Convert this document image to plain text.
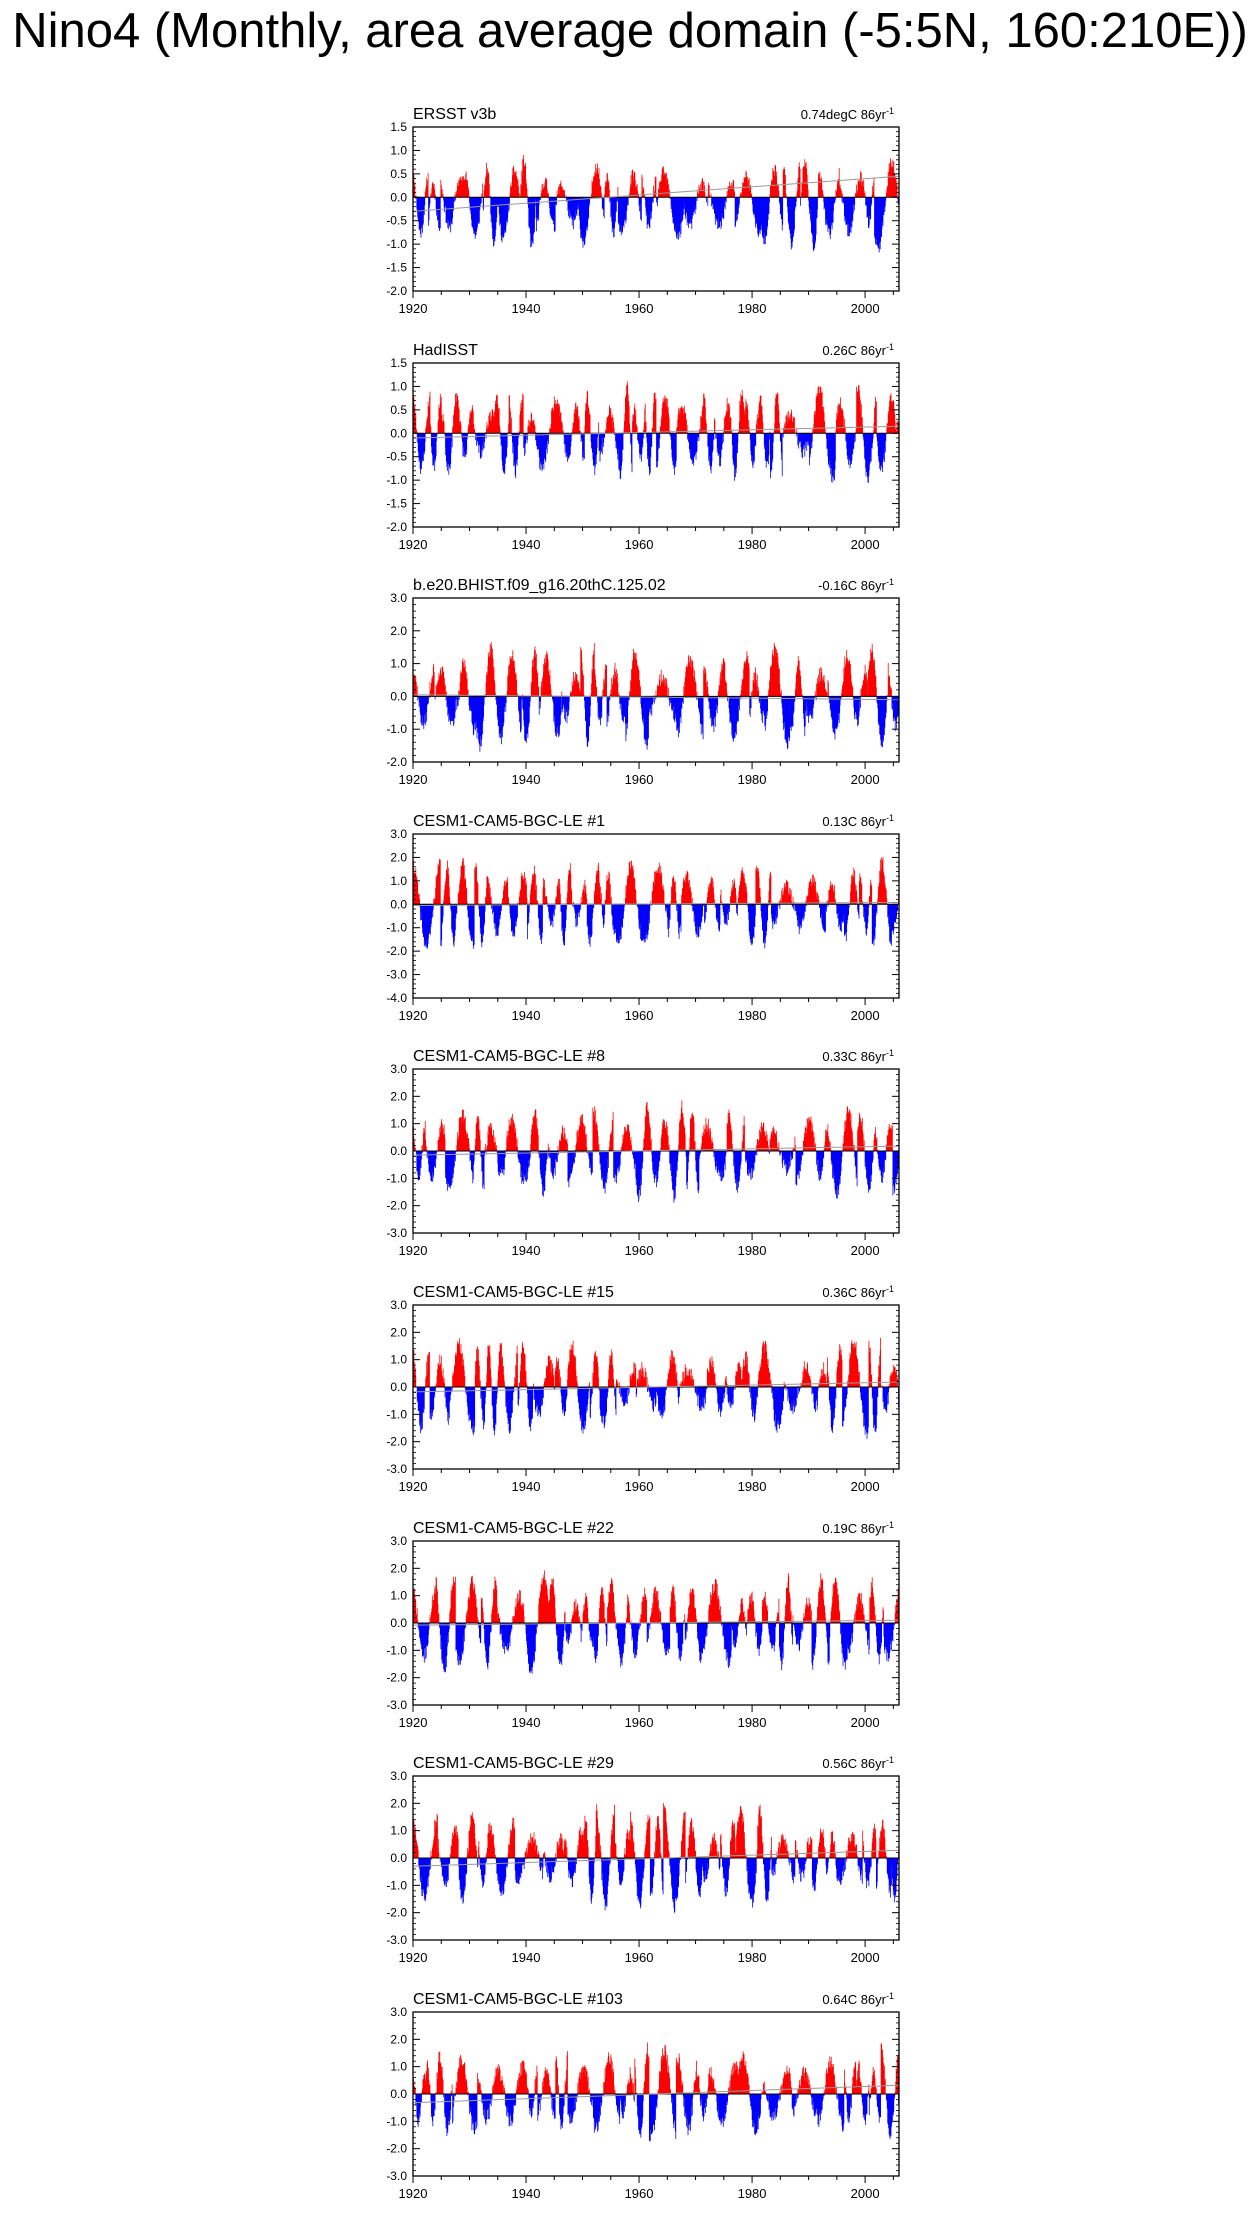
Nino4 (Monthly, area average domain (-5:5N, 160:210E))
ERSST v3b	0.74degC $86yr^{-1}$
1.5
1.0
0.5
0.0
-0.5
-1.0
-1.5
-2.0
1920	1940	1960	1980	2000
HadISST	0.26C $86yr^{-1}$
1.5
1.0
0.5
0.0
-0.5
-1.0
-1.5
-2.0
1920	1940	1960	1980	2000
b.e20.BHIST.f09_g16.20thC.125.02	-0.16C $86yr^{-1}$
3.0
2.0
1.0
0.0
-1.0
-2.0
1920	1940	1960	1980	2000
CESM1-CAM5-BGC-LE #1	0.13C $86yr^{-1}$
3.0
2.0
1.0
0.0
-1.0
-2.0
-3.0
-4.0
1920	1940	1960	1980	2000
CESM1-CAM5-BGC-LE #8	0.33C $86yr^{-1}$
3.0
2.0
1.0
0.0
-1.0
-2.0
-3.0
1920	1940	1960	1980	2000
CESM1-CAM5-BGC-LE #15	0.36C $86yr^{-1}$
3.0
2.0
1.0
0.0
-1.0
-2.0
-3.0
1920	1940	1960	1980	2000
CESM1-CAM5-BGC-LE #22	0.19C $86yr^{-1}$
3.0
2.0
1.0
0.0
-1.0
-2.0
-3.0
1920	1940	1960	1980	2000
CESM1-CAM5-BGC-LE #29	0.56C $86yr^{-1}$
3.0
2.0
1.0
0.0
-1.0
-2.0
-3.0
1920	1940	1960	1980	2000
CESM1-CAM5-BGC-LE #103	0.64C $86yr^{-1}$
3.0
2.0
1.0
0.0
-1.0
-2.0
-3.0
1920	1940	1960	1980	2000
